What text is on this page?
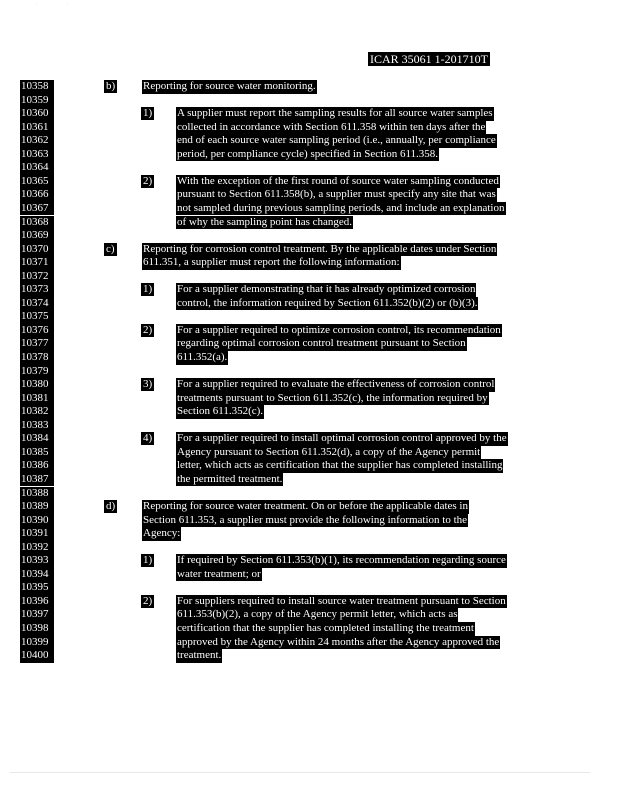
·	·
ICAR 35061 1-201710T
10358
10359
10360
10361
10362
10363
10364
10365
10366
10367
10368
10369
10370
10371
10372
10373
10374
10375
10376
10377
10378
10379
10380
10381
10382
10383
10384
10385
10386
10387
10388
10389
10390
10391
10392
10393
10394
10395
10396
10397
10398
10399
10400
b)	Reporting for source water monitoring.
1) A supplier must report the sampling results for all source water samples
collected in accordance with Section 611.358 within ten days after the
end of each source water sampling period (i.e., annually, per compliance
period, per compliance cycle) specified in Section 611.358.
2) With the exception of the first round of source water sampling conducted
pursuant to Section 611.358(b), a supplier must specify any site that was
not sampled during previous sampling periods, and include an explanation
of why the sampling point has changed.
c)	Reporting for corrosion control treatment. By the applicable dates under Section
611.351, a supplier must report the following information:
1) For a supplier demonstrating that it has already optimized corrosion
control, the information required by Section 611.352(b)(2) or (b)(3).
2) For a supplier required to optimize corrosion control, its recommendation
regarding optimal corrosion control treatment pursuant to Section
611.352(a).
3) For a supplier required to evaluate the effectiveness of corrosion control
treatments pursuant to Section 611.352(c), the information required by
Section 611.352(c).
4) For a supplier required to install optimal corrosion control approved by the
Agency pursuant to Section 611.352(d), a copy of the Agency permit
letter, which acts as certification that the supplier has completed installing
the permitted treatment.
d)	Reporting for source water treatment. On or before the applicable dates in
Section 611.353, a supplier must provide the following information to the
Agency:
1) If required by Section 611.353(b)(1), its recommendation regarding source
water treatment; or
2) For suppliers required to install source water treatment pursuant to Section
611.353(b)(2), a copy of the Agency permit letter, which acts as
certification that the supplier has completed installing the treatment
approved by the Agency within 24 months after the Agency approved the
treatment.
